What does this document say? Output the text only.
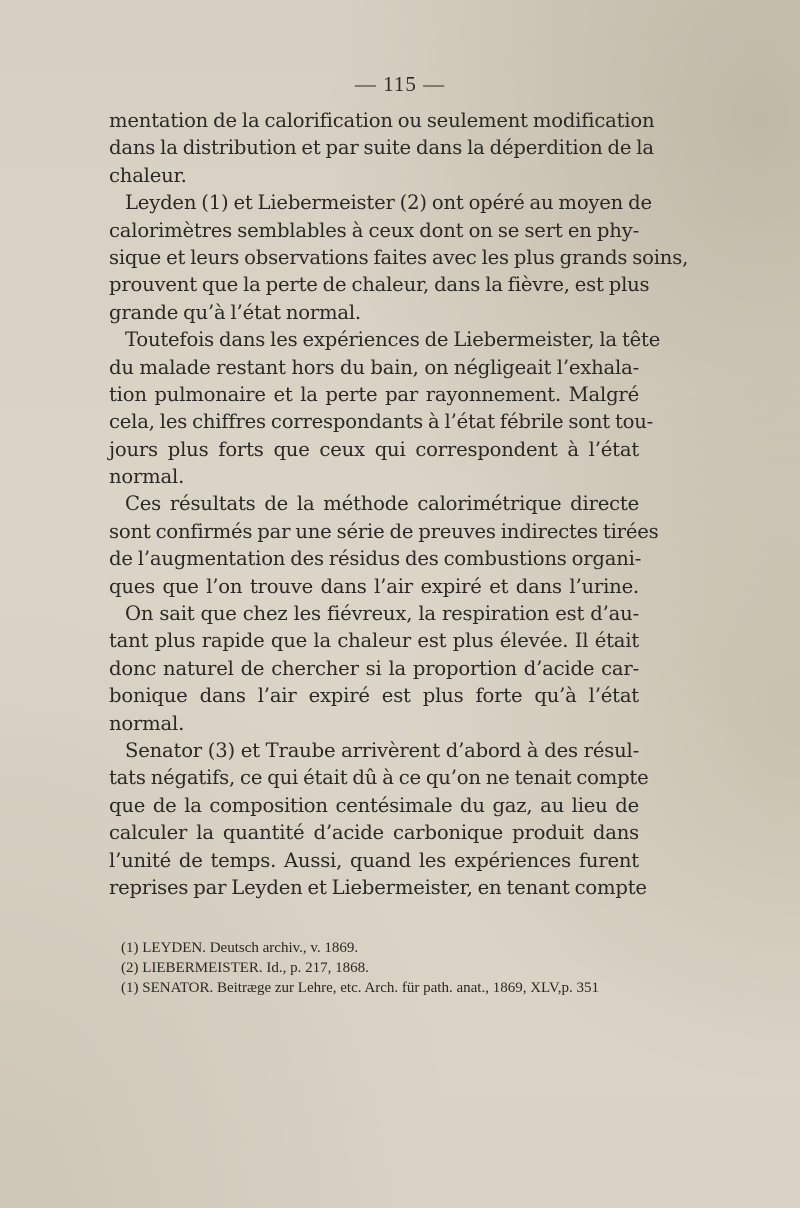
— 115 —
mentation de la calorification ou seulement modification
dans la distribution et par suite dans la déperdition de la
chaleur.
Leyden (1) et Liebermeister (2) ont opéré au moyen de
calorimètres semblables à ceux dont on se sert en phy-
sique et leurs observations faites avec les plus grands soins,
prouvent que la perte de chaleur, dans la fièvre, est plus
grande qu’à l’état normal.
Toutefois dans les expériences de Liebermeister, la tête
du malade restant hors du bain, on négligeait l’exhala-
tion pulmonaire et la perte par rayonnement. Malgré
cela, les chiffres correspondants à l’état fébrile sont tou-
jours plus forts que ceux qui correspondent à l’état
normal.
Ces résultats de la méthode calorimétrique directe
sont confirmés par une série de preuves indirectes tirées
de l’augmentation des résidus des combustions organi-
ques que l’on trouve dans l’air expiré et dans l’urine.
On sait que chez les fiévreux, la respiration est d’au-
tant plus rapide que la chaleur est plus élevée. Il était
donc naturel de chercher si la proportion d’acide car-
bonique dans l’air expiré est plus forte qu’à l’état
normal.
Senator (3) et Traube arrivèrent d’abord à des résul-
tats négatifs, ce qui était dû à ce qu’on ne tenait compte
que de la composition centésimale du gaz, au lieu de
calculer la quantité d’acide carbonique produit dans
l’unité de temps. Aussi, quand les expériences furent
reprises par Leyden et Liebermeister, en tenant compte
(1) LEYDEN. Deutsch archiv., v. 1869.
(2) LIEBERMEISTER. Id., p. 217, 1868.
(1) SENATOR. Beitræge zur Lehre, etc. Arch. für path. anat., 1869, XLV,p. 351
